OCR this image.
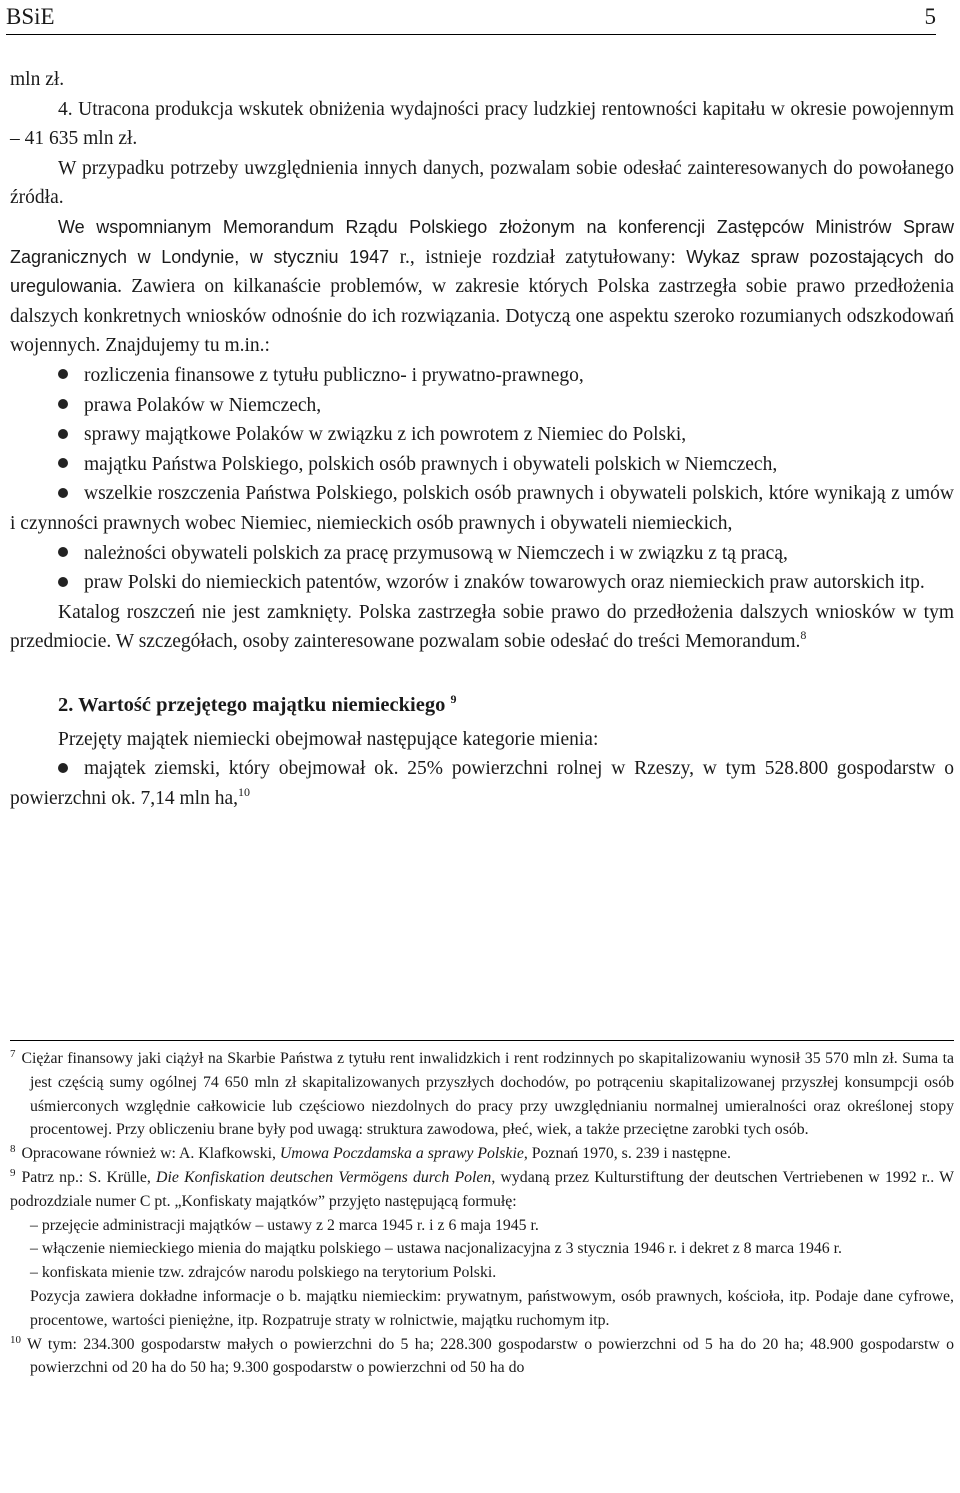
BSiE	5

mln zł.

4. Utracona produkcja wskutek obniżenia wydajności pracy ludzkiej rentowności kapitału w okresie powojennym – 41 635 mln zł.

W przypadku potrzeby uwzględnienia innych danych, pozwalam sobie odesłać zainteresowanych do powołanego źródła.

We wspomnianym Memorandum Rządu Polskiego złożonym na konferencji Zastępców Ministrów Spraw Zagranicznych w Londynie, w styczniu 1947 r., istnieje rozdział zatytułowany: Wykaz spraw pozostających do uregulowania. Zawiera on kilkanaście problemów, w zakresie których Polska zastrzegła sobie prawo przedłożenia dalszych konkretnych wniosków odnośnie do ich rozwiązania. Dotyczą one aspektu szeroko rozumianych odszkodowań wojennych. Znajdujemy tu m.in.:

rozliczenia finansowe z tytułu publiczno- i prywatno-prawnego,

prawa Polaków w Niemczech,

sprawy majątkowe Polaków w związku z ich powrotem z Niemiec do Polski,

majątku Państwa Polskiego, polskich osób prawnych i obywateli polskich w Niemczech,

wszelkie roszczenia Państwa Polskiego, polskich osób prawnych i obywateli polskich, które wynikają z umów i czynności prawnych wobec Niemiec, niemieckich osób prawnych i obywateli niemieckich,

należności obywateli polskich za pracę przymusową w Niemczech i w związku z tą pracą,

praw Polski do niemieckich patentów, wzorów i znaków towarowych oraz niemieckich praw autorskich itp.

Katalog roszczeń nie jest zamknięty. Polska zastrzegła sobie prawo do przedłożenia dalszych wniosków w tym przedmiocie. W szczegółach, osoby zainteresowane pozwalam sobie odesłać do treści Memorandum.$^8$

2. Wartość przejętego majątku niemieckiego $^9$

Przejęty majątek niemiecki obejmował następujące kategorie mienia:

majątek ziemski, który obejmował ok. 25% powierzchni rolnej w Rzeszy, w tym 528.800 gospodarstw o powierzchni ok. 7,14 mln ha,$^{10}$

$^7$ Ciężar finansowy jaki ciążył na Skarbie Państwa z tytułu rent inwalidzkich i rent rodzinnych po skapitalizowaniu wynosił 35 570 mln zł. Suma ta jest częścią sumy ogólnej 74 650 mln zł skapitalizowanych przyszłych dochodów, po potrąceniu skapitalizowanej przyszłej konsumpcji osób uśmierconych względnie całkowicie lub częściowo niezdolnych do pracy przy uwzględnianiu normalnej umieralności oraz określonej stopy procentowej. Przy obliczeniu brane były pod uwagą: struktura zawodowa, płeć, wiek, a także przeciętne zarobki tych osób.

$^8$ Opracowane również w: A. Klafkowski, Umowa Poczdamska a sprawy Polskie, Poznań 1970, s. 239 i następne.

$^9$ Patrz np.: S. Krülle, Die Konfiskation deutschen Vermögens durch Polen, wydaną przez Kulturstiftung der deutschen Vertriebenen w 1992 r.. W podrozdziale numer C pt. „Konfiskaty majątków” przyjęto następującą formułę:

– przejęcie administracji majątków – ustawy z 2 marca 1945 r. i z 6 maja 1945 r.

– włączenie niemieckiego mienia do majątku polskiego – ustawa nacjonalizacyjna z 3 stycznia 1946 r. i dekret z 8 marca 1946 r.

– konfiskata mienie tzw. zdrajców narodu polskiego na terytorium Polski.

Pozycja zawiera dokładne informacje o b. majątku niemieckim: prywatnym, państwowym, osób prawnych, kościoła, itp. Podaje dane cyfrowe, procentowe, wartości pieniężne, itp. Rozpatruje straty w rolnictwie, majątku ruchomym itp.

$^{10}$ W tym: 234.300 gospodarstw małych o powierzchni do 5 ha; 228.300 gospodarstw o powierzchni od 5 ha do 20 ha; 48.900 gospodarstw o powierzchni od 20 ha do 50 ha; 9.300 gospodarstw o powierzchni od 50 ha do
